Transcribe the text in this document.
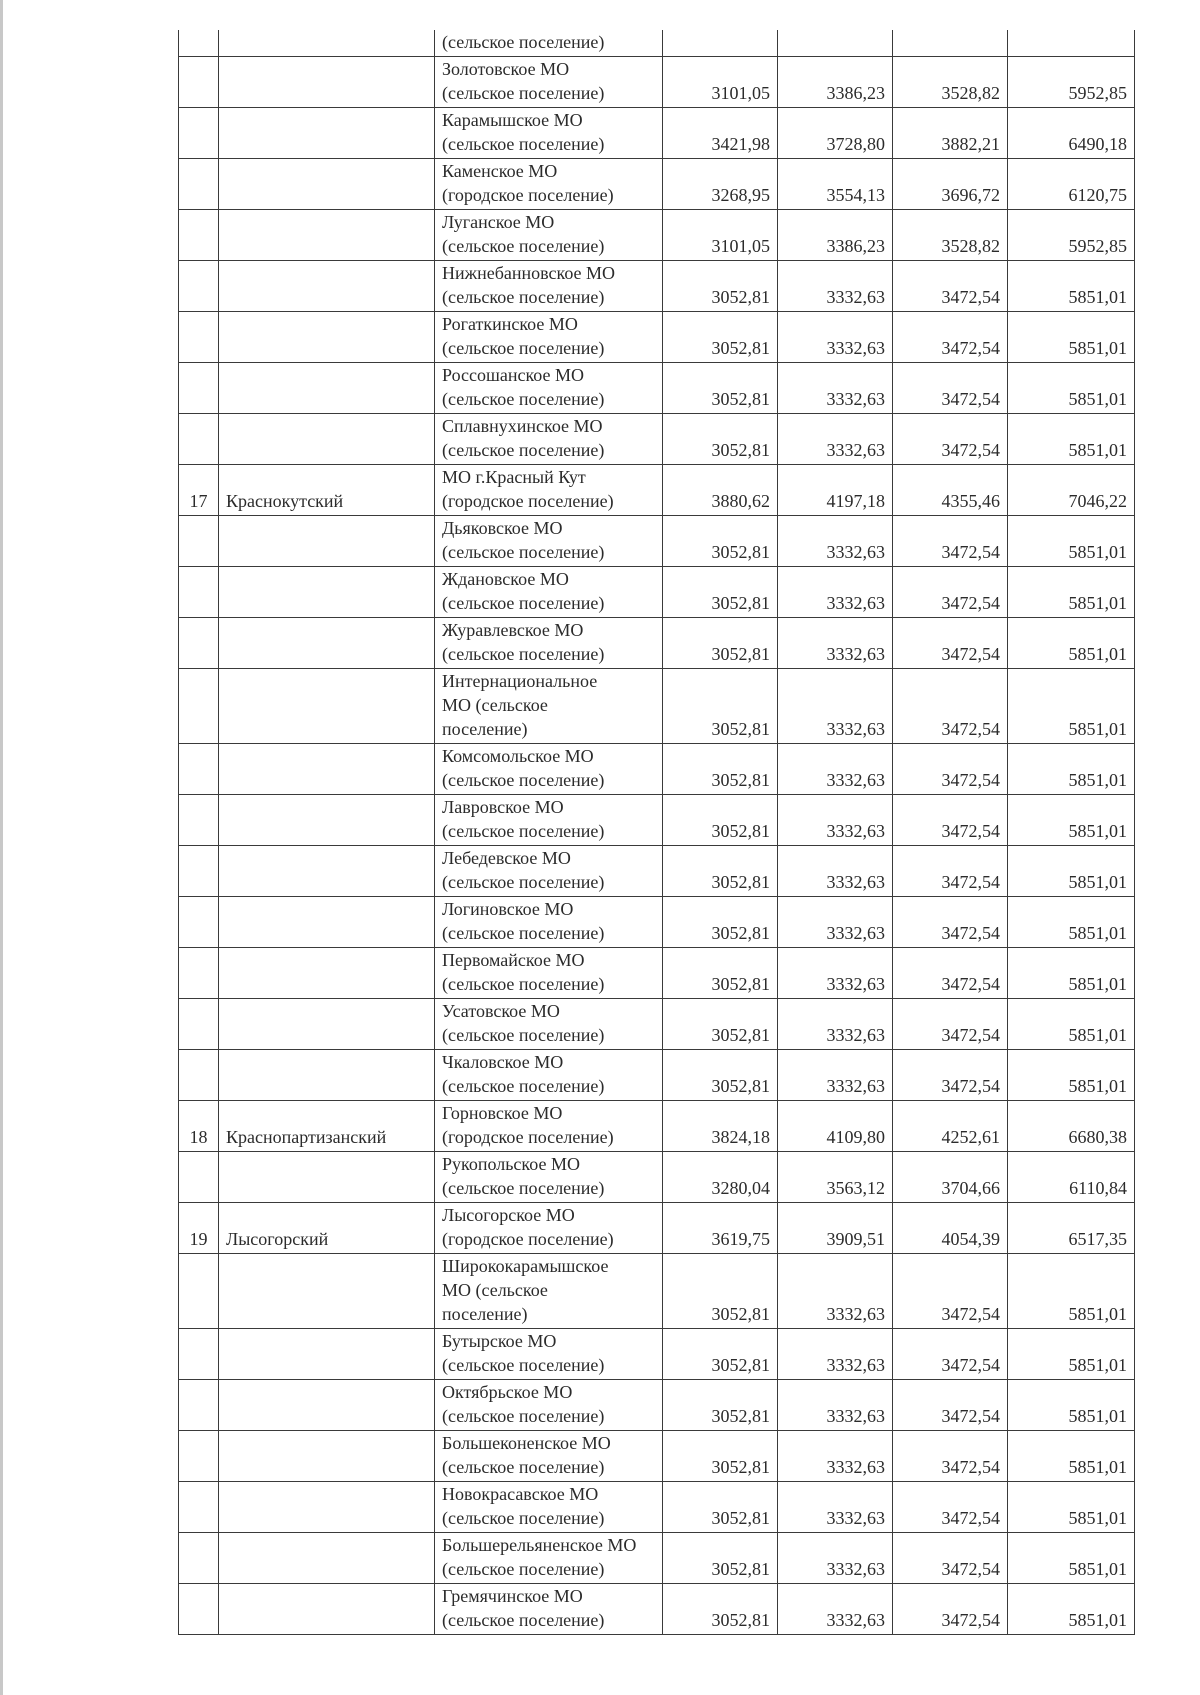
		(сельское поселение)				

		Золотовское МО
(сельское поселение)	3101,05	3386,23	3528,82	5952,85

		Карамышское МО
(сельское поселение)	3421,98	3728,80	3882,21	6490,18

		Каменское МО
(городское поселение)	3268,95	3554,13	3696,72	6120,75

		Луганское МО
(сельское поселение)	3101,05	3386,23	3528,82	5952,85

		Нижнебанновское МО
(сельское поселение)	3052,81	3332,63	3472,54	5851,01

		Рогаткинское МО
(сельское поселение)	3052,81	3332,63	3472,54	5851,01

		Россошанское МО
(сельское поселение)	3052,81	3332,63	3472,54	5851,01

		Сплавнухинское МО
(сельское поселение)	3052,81	3332,63	3472,54	5851,01
17	Краснокутский	МО г.Красный Кут
(городское поселение)	3880,62	4197,18	4355,46	7046,22

		Дьяковское МО
(сельское поселение)	3052,81	3332,63	3472,54	5851,01

		Ждановское МО
(сельское поселение)	3052,81	3332,63	3472,54	5851,01

		Журавлевское МО
(сельское поселение)	3052,81	3332,63	3472,54	5851,01

		Интернациональное
МО (сельское
поселение)	3052,81	3332,63	3472,54	5851,01

		Комсомольское МО
(сельское поселение)	3052,81	3332,63	3472,54	5851,01

		Лавровское МО
(сельское поселение)	3052,81	3332,63	3472,54	5851,01

		Лебедевское МО
(сельское поселение)	3052,81	3332,63	3472,54	5851,01

		Логиновское МО
(сельское поселение)	3052,81	3332,63	3472,54	5851,01

		Первомайское МО
(сельское поселение)	3052,81	3332,63	3472,54	5851,01

		Усатовское МО
(сельское поселение)	3052,81	3332,63	3472,54	5851,01

		Чкаловское МО
(сельское поселение)	3052,81	3332,63	3472,54	5851,01
18	Краснопартизанский	Горновское МО
(городское поселение)	3824,18	4109,80	4252,61	6680,38

		Рукопольское МО
(сельское поселение)	3280,04	3563,12	3704,66	6110,84
19	Лысогорский	Лысогорское МО
(городское поселение)	3619,75	3909,51	4054,39	6517,35

		Ширококарамышское
МО (сельское
поселение)	3052,81	3332,63	3472,54	5851,01

		Бутырское МО
(сельское поселение)	3052,81	3332,63	3472,54	5851,01

		Октябрьское МО
(сельское поселение)	3052,81	3332,63	3472,54	5851,01

		Большеконенское МО
(сельское поселение)	3052,81	3332,63	3472,54	5851,01

		Новокрасавское МО
(сельское поселение)	3052,81	3332,63	3472,54	5851,01

		Большерельяненское МО
(сельское поселение)	3052,81	3332,63	3472,54	5851,01

		Гремячинское МО
(сельское поселение)	3052,81	3332,63	3472,54	5851,01
